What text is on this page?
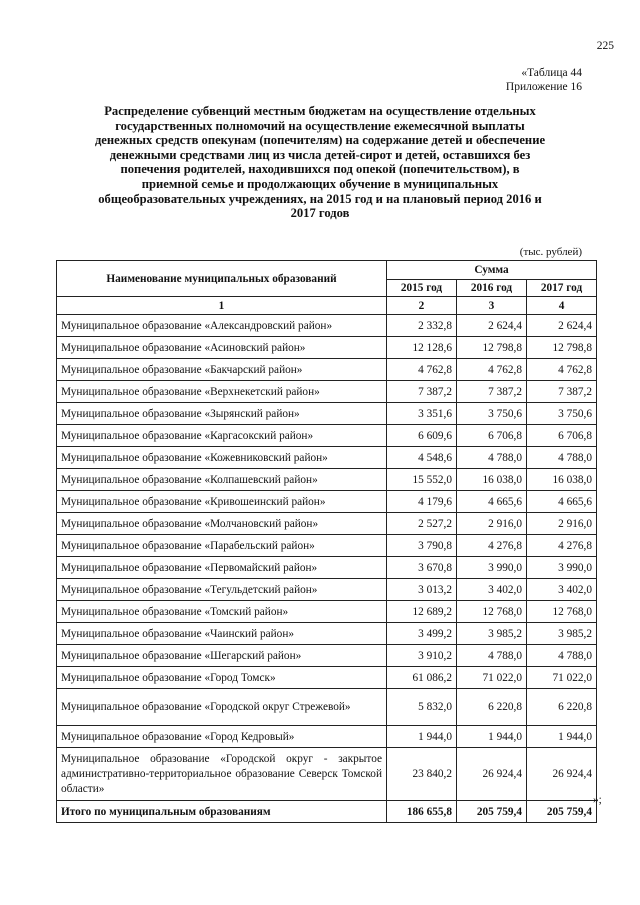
225
«Таблица 44
Приложение 16
Распределение субвенций местным бюджетам на осуществление отдельных
государственных полномочий на осуществление ежемесячной выплаты
денежных средств опекунам (попечителям) на содержание детей и обеспечение
денежными средствами лиц из числа детей-сирот и детей, оставшихся без
попечения родителей, находившихся под опекой (попечительством), в
приемной семье и продолжающих обучение в муниципальных
общеобразовательных учреждениях, на 2015 год и на плановый период 2016 и
2017 годов
(тыс. рублей)
Наименование муниципальных образований	Сумма		
	2015 год	2016 год	2017 год
1	2	3	4
Муниципальное образование «Александровский район»	2 332,8	2 624,4	2 624,4
Муниципальное образование «Асиновский район»	12 128,6	12 798,8	12 798,8
Муниципальное образование «Бакчарский район»	4 762,8	4 762,8	4 762,8
Муниципальное образование «Верхнекетский район»	7 387,2	7 387,2	7 387,2
Муниципальное образование «Зырянский район»	3 351,6	3 750,6	3 750,6
Муниципальное образование «Каргасокский район»	6 609,6	6 706,8	6 706,8
Муниципальное образование «Кожевниковский район»	4 548,6	4 788,0	4 788,0
Муниципальное образование «Колпашевский район»	15 552,0	16 038,0	16 038,0
Муниципальное образование «Кривошеинский район»	4 179,6	4 665,6	4 665,6
Муниципальное образование «Молчановский район»	2 527,2	2 916,0	2 916,0
Муниципальное образование «Парабельский район»	3 790,8	4 276,8	4 276,8
Муниципальное образование «Первомайский район»	3 670,8	3 990,0	3 990,0
Муниципальное образование «Тегульдетский район»	3 013,2	3 402,0	3 402,0
Муниципальное образование «Томский район»	12 689,2	12 768,0	12 768,0
Муниципальное образование «Чаинский район»	3 499,2	3 985,2	3 985,2
Муниципальное образование «Шегарский район»	3 910,2	4 788,0	4 788,0
Муниципальное образование «Город Томск»	61 086,2	71 022,0	71 022,0
Муниципальное образование «Городской округ Стрежевой»	5 832,0	6 220,8	6 220,8
Муниципальное образование «Город Кедровый»	1 944,0	1 944,0	1 944,0
Муниципальное образование «Городской округ - закрытое административно-территориальное образование Северск Томской области»	23 840,2	26 924,4	26 924,4
Итого по муниципальным образованиям	186 655,8	205 759,4	205 759,4
»;
